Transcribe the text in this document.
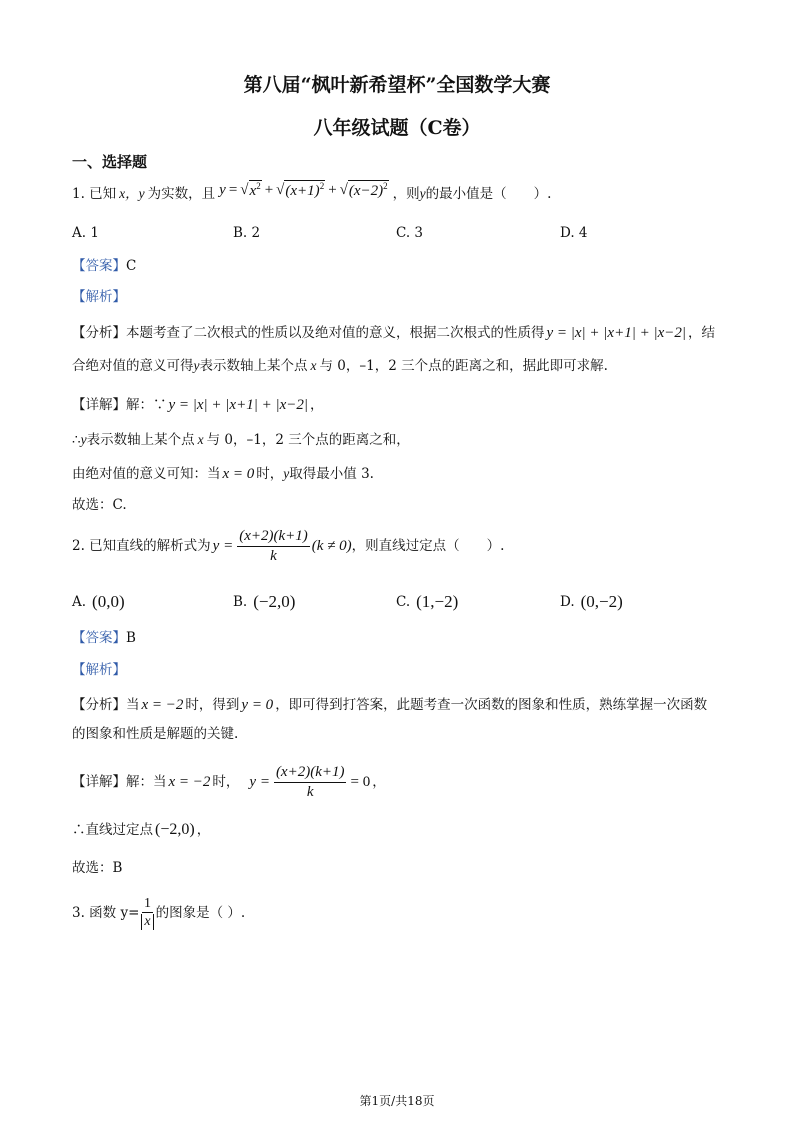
第八届“枫叶新希望杯”全国数学大赛
八年级试题（C卷）
一、选择题
1. 已知 x，y 为实数，且 y = √ $x^2$ + √ $(x+1)^2$ + √ $(x-2)^2$ ，则 y 的最小值是（　　）.
A. 1	B. 2	C. 3	D. 4
【答案】C
【解析】
【分析】 本题考查了二次根式的性质以及绝对值的意义，根据二次根式的性质得 y = |x| + |x+1| + |x−2| ，结
合绝对值的意义可得 y 表示数轴上某个点 x 与 0，–1，2 三个点的距离之和，据此即可求解.
【详解】 解：∵ y = |x| + |x+1| + |x−2| ，
∴ y 表示数轴上某个点 x 与 0，–1，2 三个点的距离之和，
由绝对值的意义可知：当 x = 0 时， y 取得最小值 3.
故选：C.
2. 已知直线的解析式为 $y = \frac{(x+2)(k+1)}{k} (k \ne 0)$ ，则直线过定点（　　）.
A. (0,0)	B. (−2,0)	C. (1,−2)	D. (0,−2)
【答案】B
【解析】
【分析】 当 x = −2 时，得到 y = 0 ，即可得到打答案，此题考查一次函数的图象和性质，熟练掌握一次函数
的图象和性质是解题的关键.
【详解】 解：当 x = −2 时， $y = \frac{(x+2)(k+1)}{k} = 0$ ，
∴直线过定点 (−2,0) ，
故选：B
3. 函数 $y= \frac{1}{x}$ 的图象是（ ）.
第1页/共18页
